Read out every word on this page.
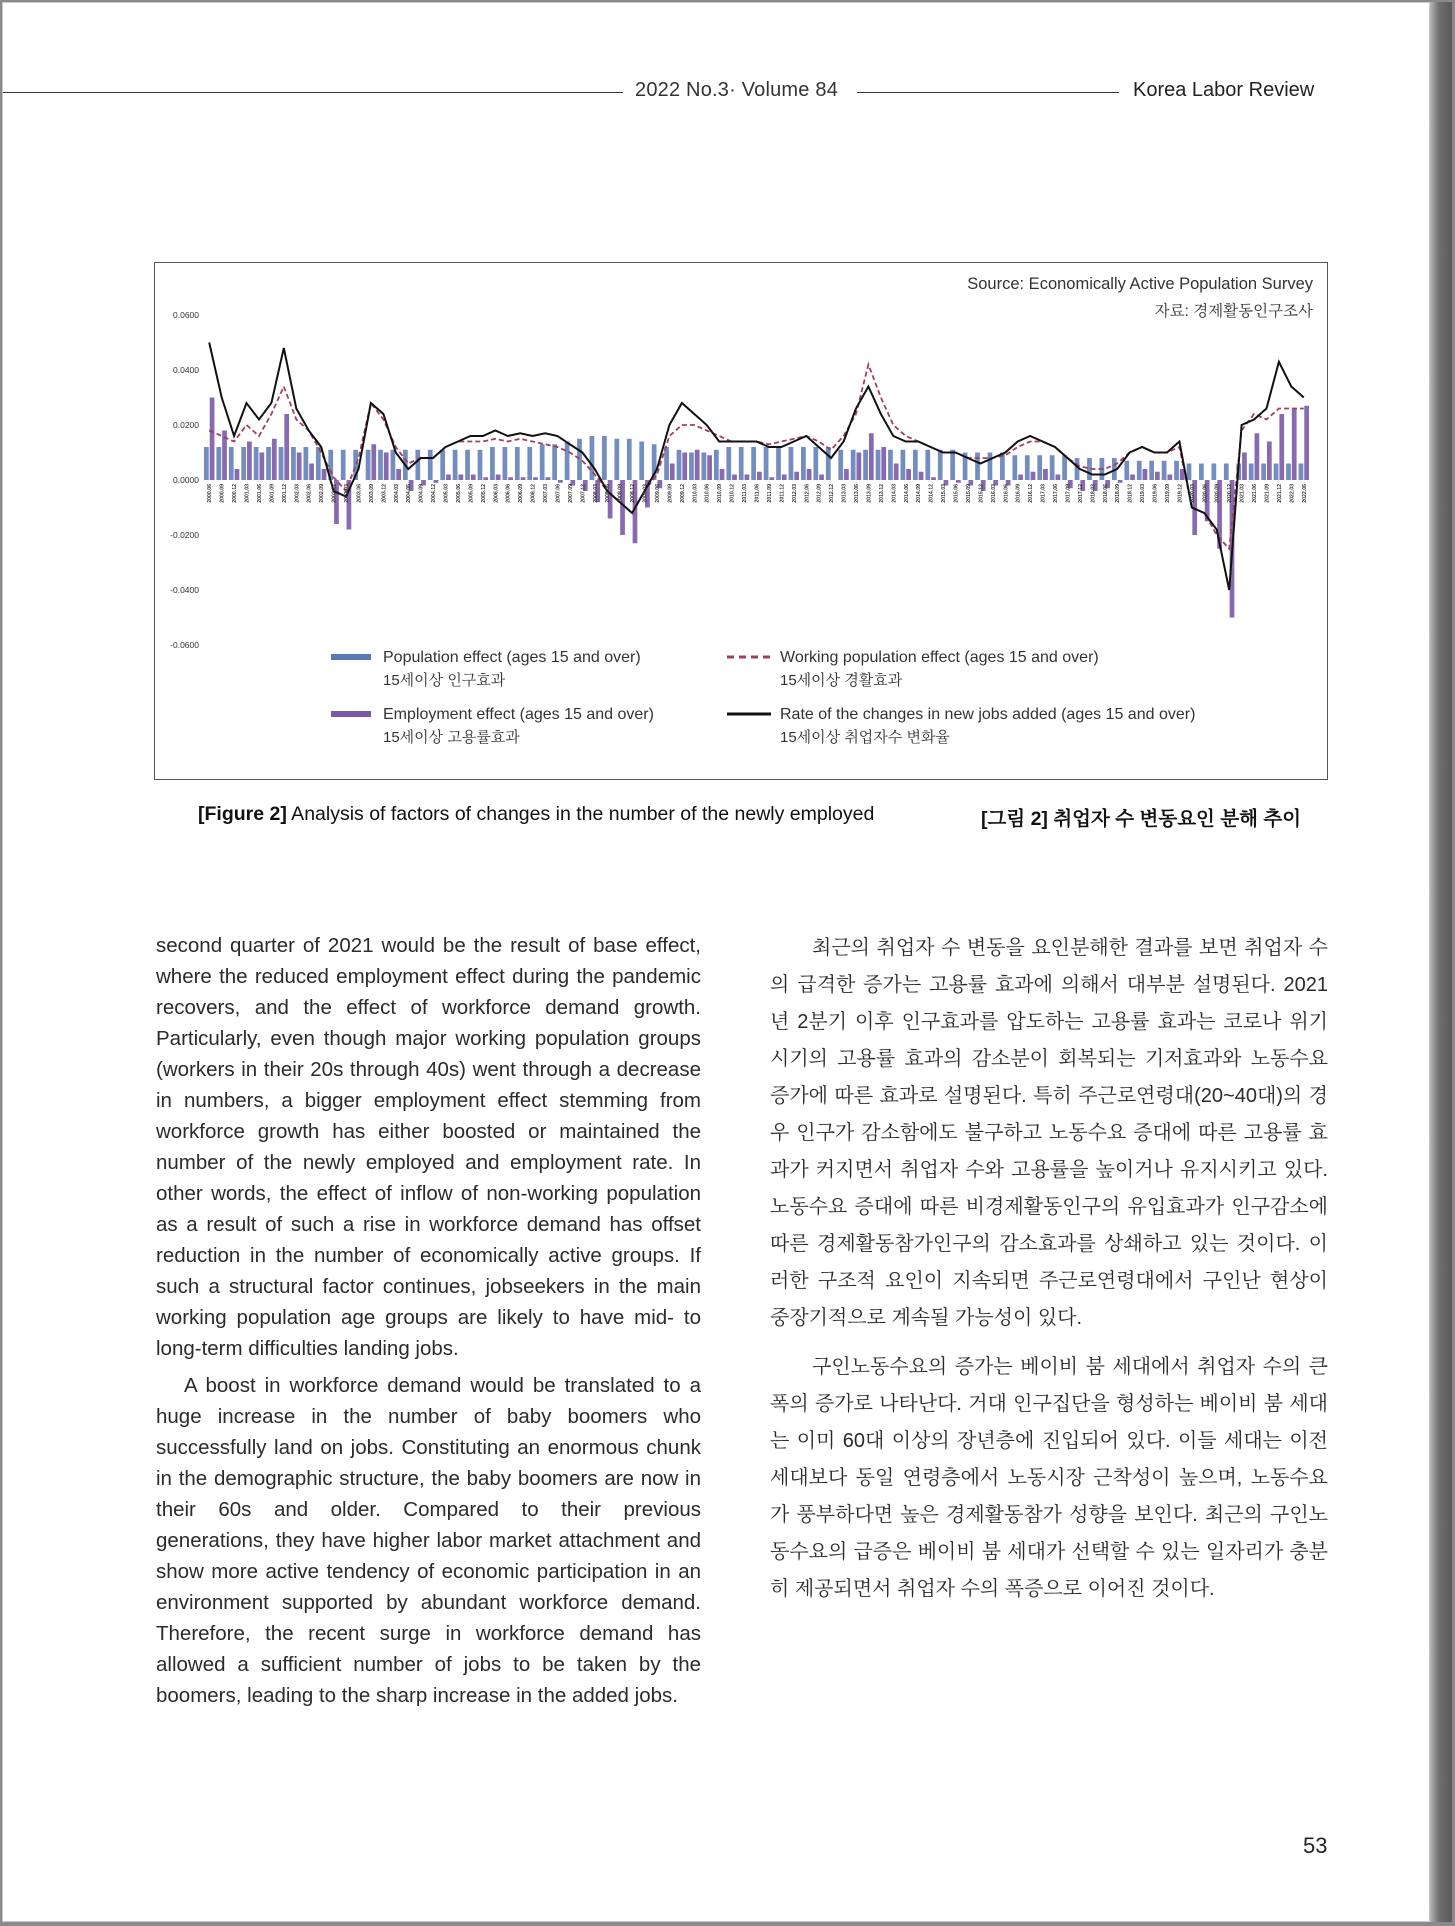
2022 No.3· Volume 84	Korea Labor Review
Source: Economically Active Population Survey
자료: 경제활동인구조사
0.0600
0.0400
0.0200
0.0000
-0.0200
-0.0400
-0.0600
2000.06 2000.09 2000.12 2001.03 2001.06 2001.09 2001.12 2002.03 2002.06 2002.09 2002.12 2003.03 2003.06 2003.09 2003.12 2004.03 2004.06 2004.09 2004.12 2005.03 2005.06 2005.09 2005.12 2006.03 2006.06 2006.09 2006.12 2007.03 2007.06 2007.09 2007.12 2008.03 2008.06 2008.09 2008.12 2009.03 2009.06 2009.09 2009.12 2010.03 2010.06 2010.09 2010.12 2011.03 2011.06 2011.09 2011.12 2012.03 2012.06 2012.09 2012.12 2013.03 2013.06 2013.09 2013.12 2014.03 2014.06 2014.09 2014.12 2015.03 2015.06 2015.09 2015.12 2016.03 2016.06 2016.09 2016.12 2017.03 2017.06 2017.09 2017.12 2018.03 2018.06 2018.09 2018.12 2019.03 2019.06 2019.09 2019.12 2020.03 2020.06 2020.09 2020.12 2021.03 2021.06 2021.09 2021.12 2022.03 2022.06
Population effect (ages 15 and over)
15세이상 인구효과
Working population effect (ages 15 and over)
15세이상 경활효과
Employment effect (ages 15 and over)
15세이상 고용률효과
Rate of the changes in new jobs added (ages 15 and over)
15세이상 취업자수 변화율
[Figure 2] Analysis of factors of changes in the number of the newly employed	[그림 2] 취업자 수 변동요인 분해 추이

second quarter of 2021 would be the result of base effect, where the reduced employment effect during the pandemic recovers, and the effect of workforce demand growth. Particularly, even though major working population groups (workers in their 20s through 40s) went through a decrease in numbers, a bigger employment effect stemming from workforce growth has either boosted or maintained the number of the newly employed and employment rate. In other words, the effect of inflow of non-working population as a result of such a rise in workforce demand has offset reduction in the number of economically active groups. If such a structural factor continues, jobseekers in the main working population age groups are likely to have mid- to long-term difficulties landing jobs.

A boost in workforce demand would be translated to a huge increase in the number of baby boomers who successfully land on jobs. Constituting an enormous chunk in the demographic structure, the baby boomers are now in their 60s and older. Compared to their previous generations, they have higher labor market attachment and show more active tendency of economic participation in an environment supported by abundant workforce demand. Therefore, the recent surge in workforce demand has allowed a sufficient number of jobs to be taken by the boomers, leading to the sharp increase in the added jobs.

최근의 취업자 수 변동을 요인분해한 결과를 보면 취업자 수의 급격한 증가는 고용률 효과에 의해서 대부분 설명된다. 2021년 2분기 이후 인구효과를 압도하는 고용률 효과는 코로나 위기 시기의 고용률 효과의 감소분이 회복되는 기저효과와 노동수요 증가에 따른 효과로 설명된다. 특히 주근로연령대(20~40대)의 경우 인구가 감소함에도 불구하고 노동수요 증대에 따른 고용률 효과가 커지면서 취업자 수와 고용률을 높이거나 유지시키고 있다. 노동수요 증대에 따른 비경제활동인구의 유입효과가 인구감소에 따른 경제활동참가인구의 감소효과를 상쇄하고 있는 것이다. 이러한 구조적 요인이 지속되면 주근로연령대에서 구인난 현상이 중장기적으로 계속될 가능성이 있다.

구인노동수요의 증가는 베이비 붐 세대에서 취업자 수의 큰 폭의 증가로 나타난다. 거대 인구집단을 형성하는 베이비 붐 세대는 이미 60대 이상의 장년층에 진입되어 있다. 이들 세대는 이전 세대보다 동일 연령층에서 노동시장 근착성이 높으며, 노동수요가 풍부하다면 높은 경제활동참가 성향을 보인다. 최근의 구인노동수요의 급증은 베이비 붐 세대가 선택할 수 있는 일자리가 충분히 제공되면서 취업자 수의 폭증으로 이어진 것이다.

53
